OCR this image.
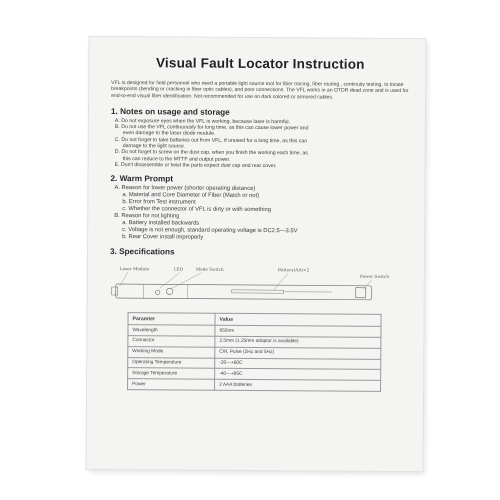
Visual Fault Locator Instruction
VFL is designed for field personnel who need a portable light source tool for fiber tracing, fiber routing , continuity testing, to locate breakpoints (bending or cracking in fiber optic cables), and poor connections. The VFL works in an OTDR dead zone and is used for end-to-end visual fiber identification. Not recommended for use on dark colored or armored cables.
1. Notes on usage and storage
A. Do not exposure eyes when the VFL is working, because laser is harmful.
B. Do not use the VFL continuously for long time, as this can cause lower power and
even damage to the laser diode module.
C. Do not forget to take batteries out from VFL, if unused for a long time, as this can
damage to the light source.
D. Do not forget to screw on the dust cap, when you finish the working each time, as
this can reduce to the MTTF and output power.
E. Don't disassemble or twist the parts expect dust cap and rear cover.
2. Warm Prompt
A. Reason for lower power (shorter operating distance)
a. Material and Core Diameter of Fiber (Match or not)
b. Error from Test instrument
c. Whether the connector of VFL is dirty or with something
B. Reason for not lighting
a. Battery installed backwards
c. Voltage is not enough, standard operating voltage is DC2.5---3.5V
b. Rear Cover install improperly
3. Specifications
Laser Module	LED	Mode Switch	Battery(AA)×2
Power Switch
Paramter	Value
Wavelength	650nm
Connector	2.5mm (1.25mm adaptor is available)
Working Mode	CW, Pulse (2Hz and 5Hz)
Operating Temperature	-20---+60C
Storage Temperature	-40---+85C
Power	2 AAA batteries
